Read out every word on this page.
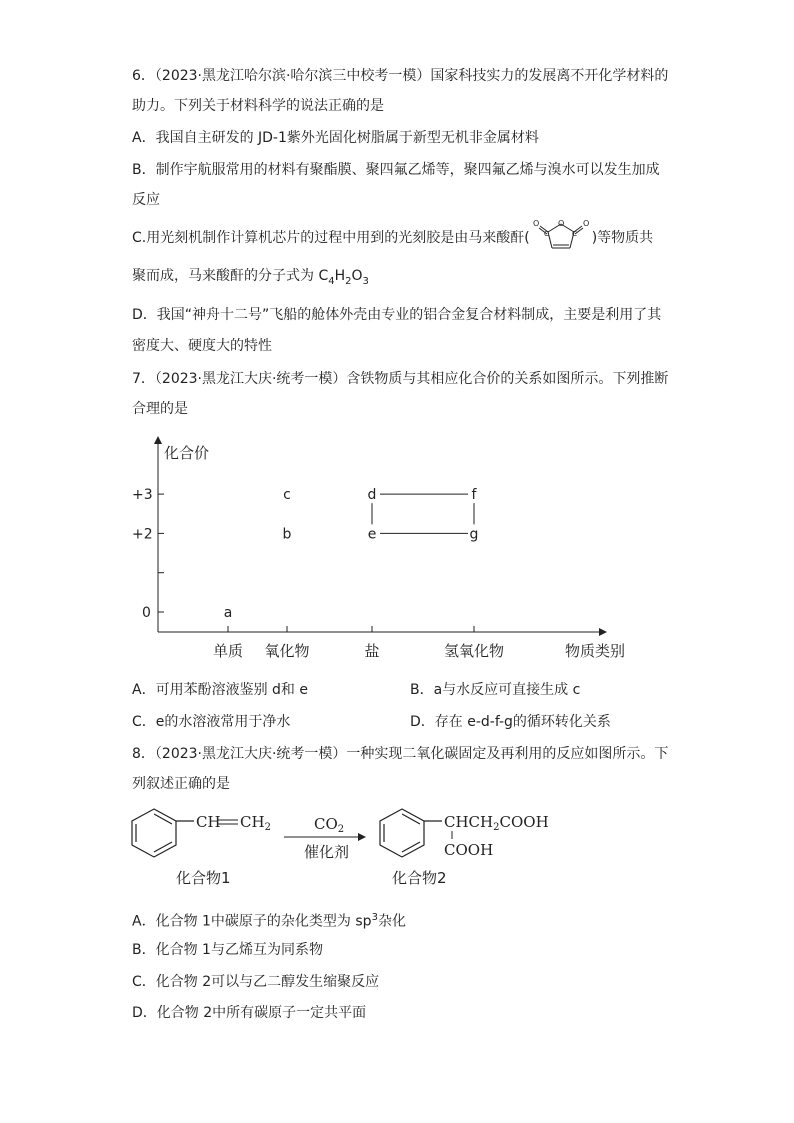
6．（2023·黑龙江哈尔滨·哈尔滨三中校考一模）国家科技实力的发展离不开化学材料的
助力。下列关于材料科学的说法正确的是
A．我国自主研发的 JD-1紫外光固化树脂属于新型无机非金属材料
B．制作宇航服常用的材料有聚酯膜、聚四氟乙烯等，聚四氟乙烯与溴水可以发生加成
反应
C.用光刻机制作计算机芯片的过程中用到的光刻胶是由马来酸酐(
O
O	O
C	C )等物质共
聚而成，马来酸酐的分子式为 $C_4H_2O_3$
D．我国“神舟十二号”飞船的舱体外壳由专业的铝合金复合材料制成，主要是利用了其
密度大、硬度大的特性
7．（2023·黑龙江大庆·统考一模）含铁物质与其相应化合价的关系如图所示。下列推断
合理的是
化合价
物质类别
+3
+2
0
单质 氧化物	盐	氢氧化物
a
b
c	d
e
f
g
A．可用苯酚溶液鉴别 d和 e	B．a与水反应可直接生成 c
C．e的水溶液常用于净水	D．存在 e-d-f-g的循环转化关系
8．（2023·黑龙江大庆·统考一模）一种实现二氧化碳固定及再利用的反应如图所示。下
列叙述正确的是
CH $CH_2$	$CO_2$
催化剂
$CHCH_2COOH$
COOH
化合物1	化合物2
A．化合物 1中碳原子的杂化类型为 $sp^3$杂化
B．化合物 1与乙烯互为同系物
C．化合物 2可以与乙二醇发生缩聚反应
D．化合物 2中所有碳原子一定共平面
